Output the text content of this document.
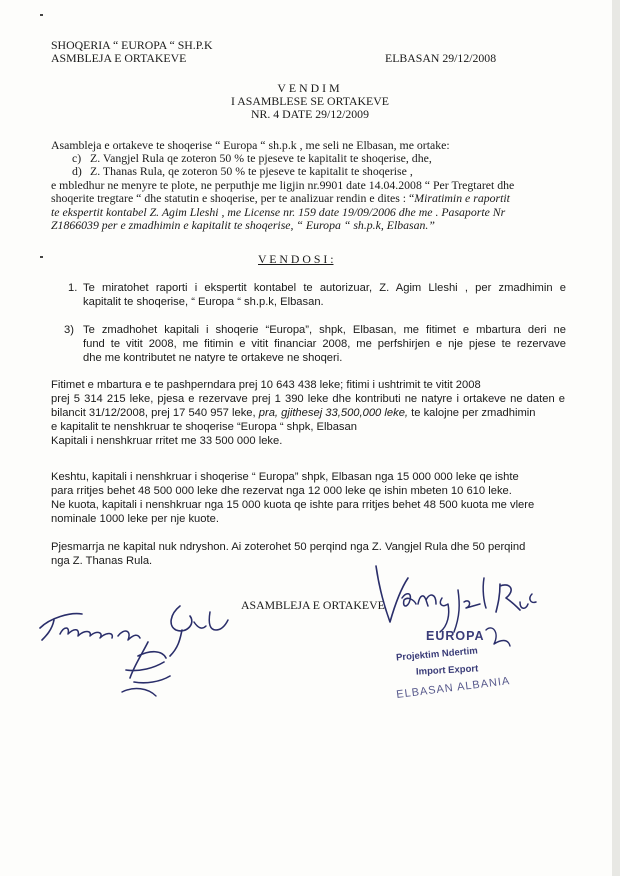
SHOQERIA “ EUROPA “ SH.P.K
ASMBLEJA E ORTAKEVE	ELBASAN 29/12/2008
VENDIM
I ASAMBLESE SE ORTAKEVE
NR. 4 DATE 29/12/2009
Asambleja e ortakeve te shoqerise “ Europa “ sh.p.k , me seli ne Elbasan, me ortake:
c) Z. Vangjel Rula qe zoteron 50 % te pjeseve te kapitalit te shoqerise, dhe,
d) Z. Thanas Rula, qe zoteron 50 % te pjeseve te kapitalit te shoqerise ,
e mbledhur ne menyre te plote, ne perputhje me ligjin nr.9901 date 14.04.2008 “ Per Tregtaret dhe
shoqerite tregtare “ dhe statutin e shoqerise, per te analizuar rendin e dites : “Miratimin e raportit
te ekspertit kontabel Z. Agim Lleshi , me License nr. 159 date 19/09/2006 dhe me . Pasaporte Nr
Z1866039 per e zmadhimin e kapitalit te shoqerise, “ Europa “ sh.p.k, Elbasan.”
V E N D O S I :
1. Te miratohet raporti i ekspertit kontabel te autorizuar, Z. Agim Lleshi , per zmadhimin e
kapitalit te shoqerise, “ Europa “ sh.p.k, Elbasan.
3) Te zmadhohet kapitali i shoqerie “Europa”, shpk, Elbasan, me fitimet e mbartura deri ne
fund te vitit 2008, me fitimin e vitit financiar 2008, me perfshirjen e nje pjese te rezervave
dhe me kontributet ne natyre te ortakeve ne shoqeri.
Fitimet e mbartura e te pashperndara prej 10 643 438 leke; fitimi i ushtrimit te vitit 2008
prej 5 314 215 leke, pjesa e rezervave prej 1 390 leke dhe kontributi ne natyre i ortakeve ne daten e
bilancit 31/12/2008, prej 17 540 957 leke, pra, gjithesej 33,500,000 leke, te kalojne per zmadhimin
e kapitalit te nenshkruar te shoqerise “Europa “ shpk, Elbasan
Kapitali i nenshkruar rritet me 33 500 000 leke.
Keshtu, kapitali i nenshkruar i shoqerise “ Europa” shpk, Elbasan nga 15 000 000 leke qe ishte
para rritjes behet 48 500 000 leke dhe rezervat nga 12 000 leke qe ishin mbeten 10 610 leke.
Ne kuota, kapitali i nenshkruar nga 15 000 kuota qe ishte para rritjes behet 48 500 kuota me vlere
nominale 1000 leke per nje kuote.
Pjesmarrja ne kapital nuk ndryshon. Ai zoterohet 50 perqind nga Z. Vangjel Rula dhe 50 perqind
nga Z. Thanas Rula.
ASAMBLEJA E ORTAKEVE
EUROPA
Projektim Ndertim
Import Export
ELBASAN ALBANIA
